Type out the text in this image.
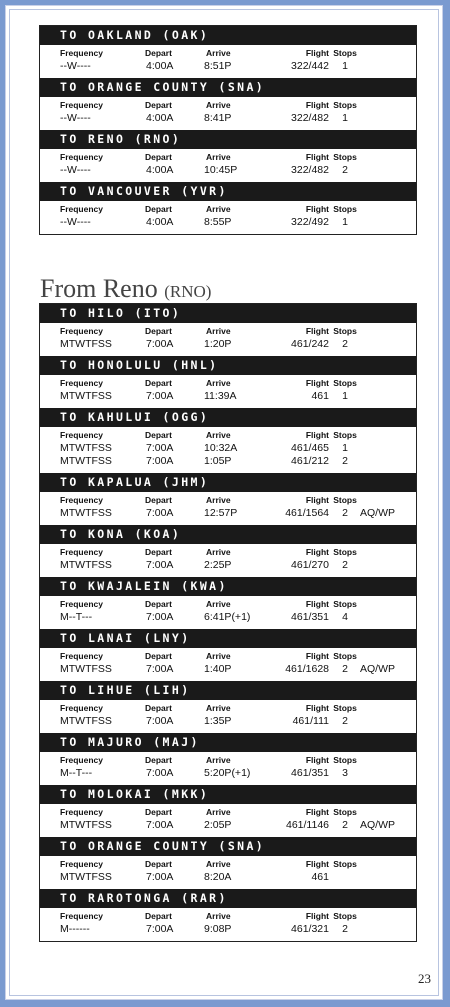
TO OAKLAND (OAK)
Frequency	Depart	Arrive	Flight Stops
--W----	4:00A	8:51P	322/442	1
TO ORANGE COUNTY (SNA)
Frequency	Depart	Arrive	Flight Stops
--W----	4:00A	8:41P	322/482	1
TO RENO (RNO)
Frequency	Depart	Arrive	Flight Stops
--W----	4:00A	10:45P	322/482	2
TO VANCOUVER (YVR)
Frequency	Depart	Arrive	Flight Stops
--W----	4:00A	8:55P	322/492	1
From Reno (RNO)
TO HILO (ITO)
Frequency	Depart	Arrive	Flight Stops
MTWTFSS	7:00A	1:20P	461/242	2
TO HONOLULU (HNL)
Frequency	Depart	Arrive	Flight Stops
MTWTFSS	7:00A	11:39A	461	1
TO KAHULUI (OGG)
Frequency	Depart	Arrive	Flight Stops
MTWTFSS	7:00A	10:32A	461/465	1
MTWTFSS	7:00A	1:05P	461/212	2
TO KAPALUA (JHM)
Frequency	Depart	Arrive	Flight Stops
MTWTFSS	7:00A	12:57P	461/1564	2	AQ/WP
TO KONA (KOA)
Frequency	Depart	Arrive	Flight Stops
MTWTFSS	7:00A	2:25P	461/270	2
TO KWAJALEIN (KWA)
Frequency	Depart	Arrive	Flight Stops
M--T---	7:00A	6:41P(+1)	461/351	4
TO LANAI (LNY)
Frequency	Depart	Arrive	Flight Stops
MTWTFSS	7:00A	1:40P	461/1628	2	AQ/WP
TO LIHUE (LIH)
Frequency	Depart	Arrive	Flight Stops
MTWTFSS	7:00A	1:35P	461/111	2
TO MAJURO (MAJ)
Frequency	Depart	Arrive	Flight Stops
M--T---	7:00A	5:20P(+1)	461/351	3
TO MOLOKAI (MKK)
Frequency	Depart	Arrive	Flight Stops
MTWTFSS	7:00A	2:05P	461/1146	2	AQ/WP
TO ORANGE COUNTY (SNA)
Frequency	Depart	Arrive	Flight Stops
MTWTFSS	7:00A	8:20A	461
TO RAROTONGA (RAR)
Frequency	Depart	Arrive	Flight Stops
M------	7:00A	9:08P	461/321	2
23
